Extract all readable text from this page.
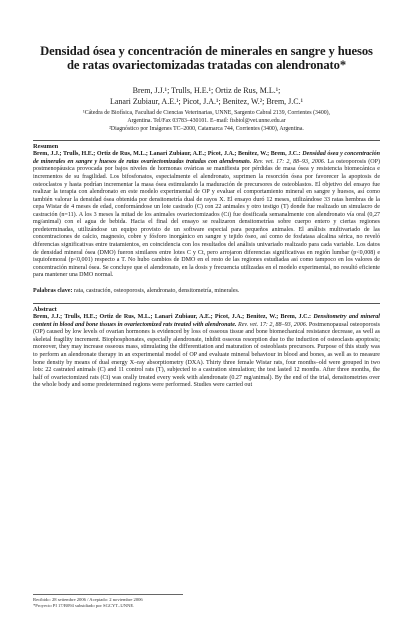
Densidad ósea y concentración de minerales en sangre y huesos de ratas ovariectomizadas tratadas con alendronato*
Brem, J.J.¹; Trulls, H.E.¹; Ortiz de Rus, M.L.¹;
Lanari Zubiaur, A.E.¹; Picot, J.A.¹; Benitez, W.²; Brem, J.C.¹
¹Cátedra de Biofísica, Facultad de Ciencias Veterinarias, UNNE, Sargento Cabral 2139, Corrientes (3400),
Argentina. Tel/Fax 03783–430101. E–mail: fisbiol@vet.unne.edu.ar
²Diagnóstico por Imágenes TC–2000, Catamarca 744, Corrientes (3400), Argentina.
Resumen

Brem, J.J.; Trulls, H.E.; Ortiz de Rus, M.L.; Lanari Zubiaur, A.E.; Picot, J.A.; Benitez, W.; Brem, J.C.: Densidad ósea y concentración de minerales en sangre y huesos de ratas ovariectomizadas tratadas con alendronato. Rev. vet. 17: 2, 88–93, 2006. La osteoporosis (OP) postmenopáusica provocada por bajos niveles de hormonas ováricas se manifiesta por pérdidas de masa ósea y resistencia biomecánica e incrementos de su fragilidad. Los bifosfonatos, especialmente el alendronato, suprimen la resorción ósea por favorecer la apoptosis de osteoclastos y hasta podrían incrementar la masa ósea estimulando la maduración de precursores de osteoblastos. El objetivo del ensayo fue realizar la terapia con alendronato en este modelo experimental de OP y evaluar el comportamiento mineral en sangre y huesos, así como también valorar la densidad ósea obtenida por densitometría dual de rayos X. El ensayo duró 12 meses, utilizándose 33 ratas hembras de la cepa Wistar de 4 meses de edad, conformándose un lote castrado (C) con 22 animales y otro testigo (T) donde fue realizado un simulacro de castración (n=11). A los 3 meses la mitad de los animales ovariectomizados (Ci) fue dosificada semanalmente con alendronato vía oral (0,27 mg/animal) con el agua de bebida. Hacia el final del ensayo se realizaron densitometrías sobre cuerpo entero y ciertas regiones predeterminadas, utilizándose un equipo provisto de un software especial para pequeños animales. El análisis multivariado de las concentraciones de calcio, magnesio, cobre y fósforo inorgánico en sangre y tejido óseo, así como de fosfatasa alcalina sérica, no reveló diferencias significativas entre tratamientos, en coincidencia con los resultados del análisis univariado realizado para cada variable. Los datos de densidad mineral ósea (DMO) fueron similares entre lotes C y Ct, pero arrojaron diferencias significativas en región lumbar (p<0,008) e isquiofemoral (p<0,001) respecto a T. No hubo cambios de DMO en el resto de las regiones estudiadas así como tampoco en los valores de concentración mineral ósea. Se concluye que el alendronato, en la dosis y frecuencia utilizadas en el modelo experimental, no resultó eficiente para mantener una DMO normal.

Palabras clave: rata, castración, osteoporosis, alendronato, densitometría, minerales.

Abstract

Brem, J.J.; Trulls, H.E.; Ortiz de Rus, M.L.; Lanari Zubiaur, A.E.; Picot, J.A.; Benitez, W.; Brem, J.C.: Densitometry and mineral content in blood and bone tissues in ovariectomized rats treated with alendronate. Rev. vet. 17: 2, 88–93, 2006. Postmenopausal osteoporosis (OP) caused by low levels of ovarian hormones is evidenced by loss of osseous tissue and bone biomechanical resistance decrease, as well as skeletal fragility increment. Biophosphonates, especially alendronate, inhibit osseous resorption due to the induction of osteoclasts apoptosis; moreover, they may increase osseous mass, stimulating the differentiation and maturation of osteoblasts precursors. Purpose of this study was to perform an alendronate therapy in an experimental model of OP and evaluate mineral behaviour in blood and bones, as well as to measure bone density by means of dual energy X–ray absorptiometry (DXA). Thirty three female Wistar rats, four months–old were grouped in two lots: 22 castrated animals (C) and 11 control rats (T), subjected to a castration simulation; the test lasted 12 months. After three months, the half of ovariectomized rats (Ct) was orally treated every week with alendronate (0.27 mg/animal). By the end of the trial, densitometries over the whole body and some predetermined regions were performed. Studies were carried out

Recibido: 28 setiembre 2006 / Aceptado: 2 noviembre 2006
*Proyecto PI 17/B094 subsidiado por SGCYT–UNNE.
